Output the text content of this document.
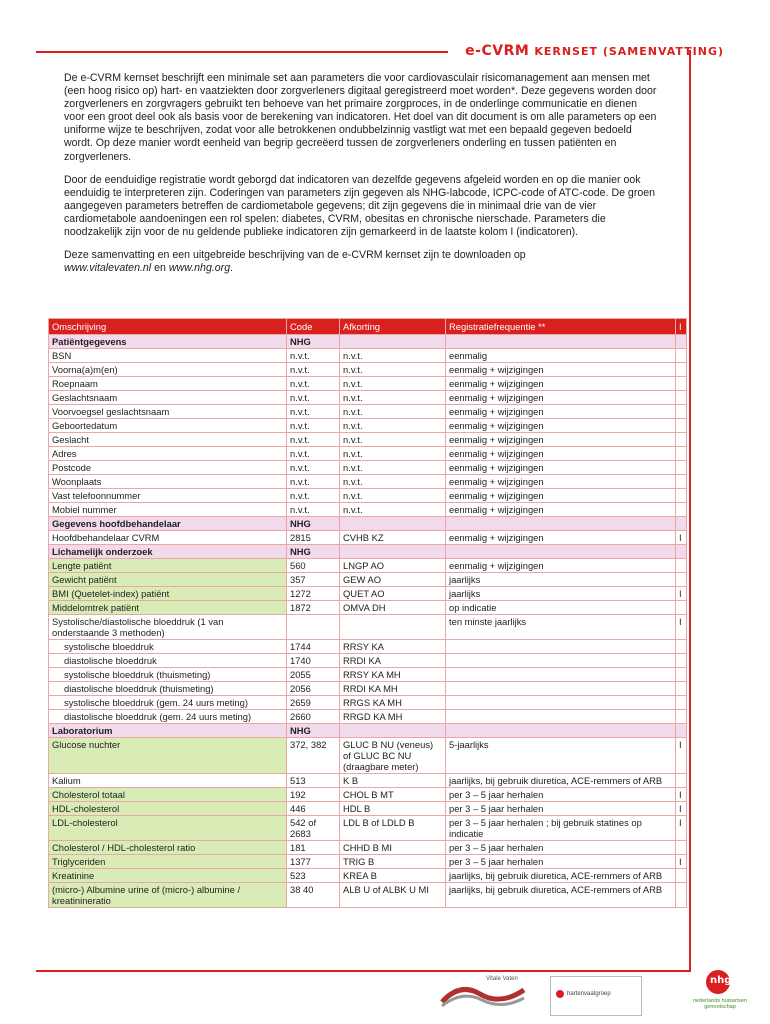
e-CVRM KERNSET (SAMENVATTING)

De e-CVRM kernset beschrijft een minimale set aan parameters die voor cardiovasculair risicomanagement aan mensen met (een hoog risico op) hart- en vaatziekten door zorgverleners digitaal geregistreerd moet worden*. Deze gegevens worden door zorgverleners en zorgvragers gebruikt ten behoeve van het primaire zorgproces, in de onderlinge communicatie en dienen voor een groot deel ook als basis voor de berekening van indicatoren. Het doel van dit document is om alle parameters op een uniforme wijze te beschrijven, zodat voor alle betrokkenen ondubbelzinnig vastligt wat met een bepaald gegeven bedoeld wordt. Op deze manier wordt eenheid van begrip gecreëerd tussen de zorgverleners onderling en tussen patiënten en zorgverleners.

Door de eenduidige registratie wordt geborgd dat indicatoren van dezelfde gegevens afgeleid worden en op die manier ook eenduidig te interpreteren zijn. Coderingen van parameters zijn gegeven als NHG-labcode, ICPC-code of ATC-code. De groen aangegeven parameters betreffen de cardiometabole gegevens; dit zijn gegevens die in minimaal drie van de vier cardiometabole aandoeningen een rol spelen: diabetes, CVRM, obesitas en chronische nierschade. Parameters die noodzakelijk zijn voor de nu geldende publieke indicatoren zijn gemarkeerd in de laatste kolom I (indicatoren).

Deze samenvatting en een uitgebreide beschrijving van de e-CVRM kernset zijn te downloaden op
www.vitalevaten.nl en www.nhg.org.

Omschrijving	Code	Afkorting	Registratiefrequentie **	I
Patiëntgegevens	NHG			
BSN	n.v.t.	n.v.t.	eenmalig	
Voorna(a)m(en)	n.v.t.	n.v.t.	eenmalig + wijzigingen	
Roepnaam	n.v.t.	n.v.t.	eenmalig + wijzigingen	
Geslachtsnaam	n.v.t.	n.v.t.	eenmalig + wijzigingen	
Voorvoegsel geslachtsnaam	n.v.t.	n.v.t.	eenmalig + wijzigingen	
Geboortedatum	n.v.t.	n.v.t.	eenmalig + wijzigingen	
Geslacht	n.v.t.	n.v.t.	eenmalig + wijzigingen	
Adres	n.v.t.	n.v.t.	eenmalig + wijzigingen	
Postcode	n.v.t.	n.v.t.	eenmalig + wijzigingen	
Woonplaats	n.v.t.	n.v.t.	eenmalig + wijzigingen	
Vast telefoonnummer	n.v.t.	n.v.t.	eenmalig + wijzigingen	
Mobiel nummer	n.v.t.	n.v.t.	eenmalig + wijzigingen	
Gegevens hoofdbehandelaar	NHG			
Hoofdbehandelaar CVRM	2815	CVHB KZ	eenmalig + wijzigingen	I
Lichamelijk onderzoek	NHG			
Lengte patiënt	560	LNGP AO	eenmalig + wijzigingen	
Gewicht patiënt	357	GEW AO	jaarlijks	
BMI (Quetelet-index) patiënt	1272	QUET AO	jaarlijks	I
Middelomtrek patiënt	1872	OMVA DH	op indicatie	
Systolische/diastolische bloeddruk (1 van onderstaande 3 methoden)			ten minste jaarlijks	I
systolische bloeddruk	1744	RRSY KA		
diastolische bloeddruk	1740	RRDI KA		
systolische bloeddruk (thuismeting)	2055	RRSY KA MH		
diastolische bloeddruk (thuismeting)	2056	RRDI KA MH		
systolische bloeddruk (gem. 24 uurs meting)	2659	RRGS KA MH		
diastolische bloeddruk (gem. 24 uurs meting)	2660	RRGD KA MH		
Laboratorium	NHG			
Glucose nuchter	372, 382	GLUC B NU (veneus) of GLUC BC NU (draagbare meter)	5-jaarlijks	I
Kalium	513	K B	jaarlijks, bij gebruik diuretica, ACE-remmers of ARB	
Cholesterol totaal	192	CHOL B MT	per 3 – 5 jaar herhalen	I
HDL-cholesterol	446	HDL B	per 3 – 5 jaar herhalen	I
LDL-cholesterol	542 of 2683	LDL B of LDLD B	per 3 – 5 jaar herhalen ; bij gebruik statines op indicatie	I
Cholesterol / HDL-cholesterol ratio	181	CHHD B MI	per 3 – 5 jaar herhalen	
Triglyceriden	1377	TRIG B	per 3 – 5 jaar herhalen	I
Kreatinine	523	KREA B	jaarlijks, bij gebruik diuretica, ACE-remmers of ARB	
(micro-) Albumine urine of (micro-) albumine / kreatinineratio	38 40	ALB U of ALBK U MI	jaarlijks, bij gebruik diuretica, ACE-remmers of ARB	
Vitale Vaten
hartenvaatgroep
nhg
nederlands huisartsen genootschap
